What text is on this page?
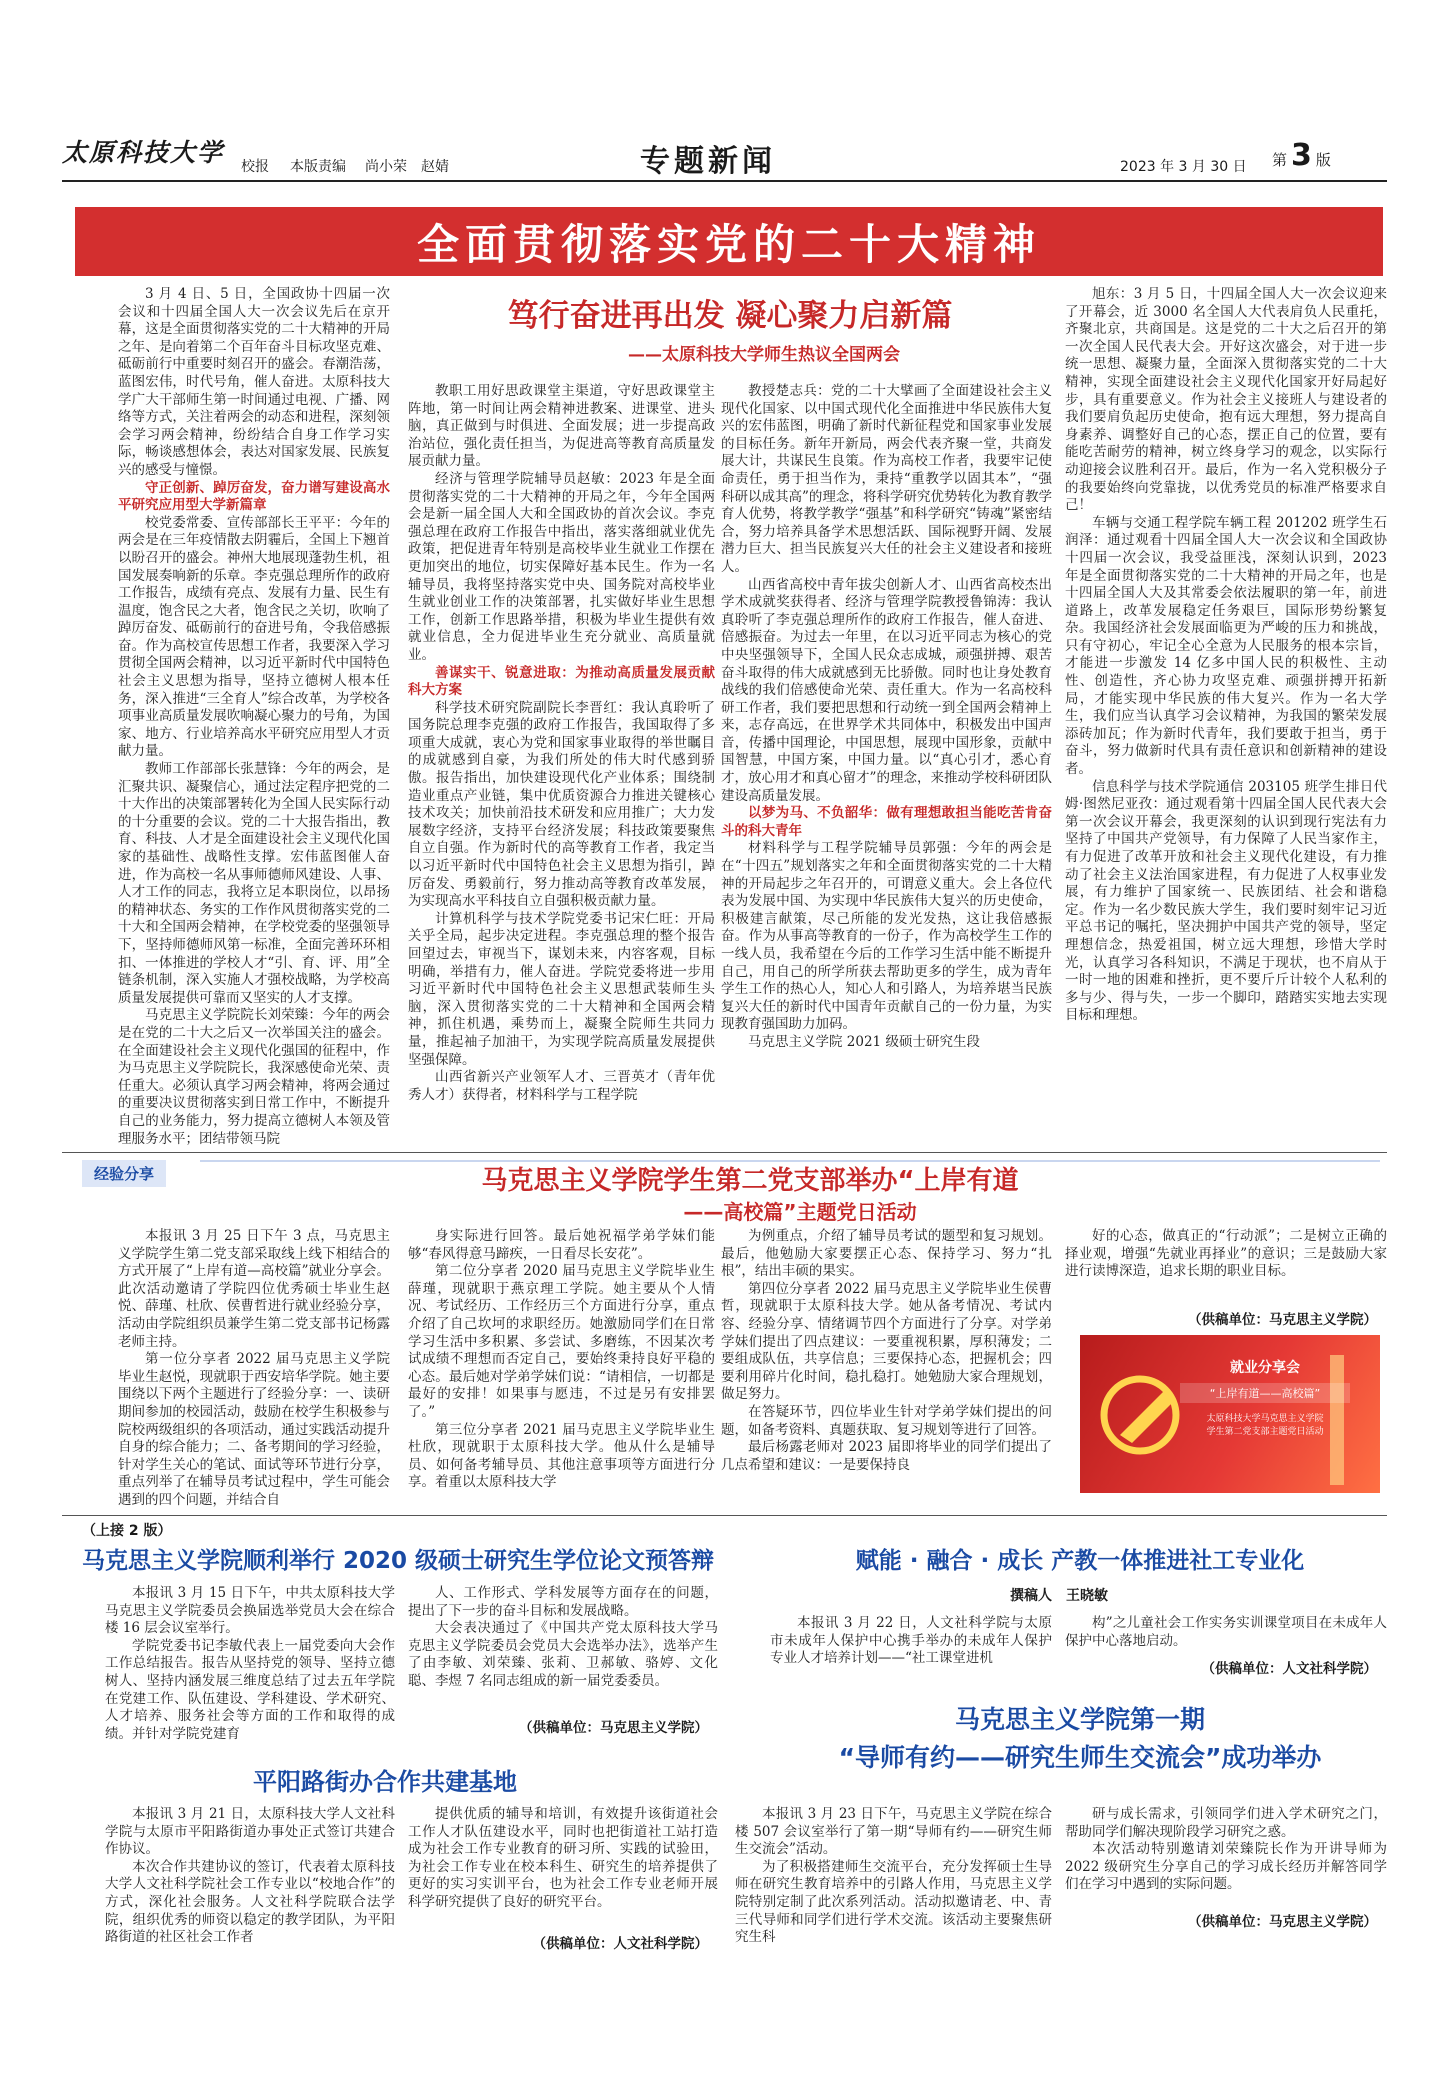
太原科技大学 校报 本版责编 尚小荣　赵婧	专题新闻	2023 年 3 月 30 日 第 3 版
全面贯彻落实党的二十大精神
笃行奋进再出发 凝心聚力启新篇
——太原科技大学师生热议全国两会

3 月 4 日、5 日，全国政协十四届一次会议和十四届全国人大一次会议先后在京开幕，这是全面贯彻落实党的二十大精神的开局之年、是向着第二个百年奋斗目标攻坚克难、砥砺前行中重要时刻召开的盛会。春潮浩荡，蓝图宏伟，时代号角，催人奋进。太原科技大学广大干部师生第一时间通过电视、广播、网络等方式，关注着两会的动态和进程，深刻领会学习两会精神，纷纷结合自身工作学习实际，畅谈感想体会，表达对国家发展、民族复兴的感受与憧憬。

守正创新、踔厉奋发，奋力谱写建设高水平研究应用型大学新篇章

校党委常委、宣传部部长王平平：今年的两会是在三年疫情散去阴霾后，全国上下翘首以盼召开的盛会。神州大地展现蓬勃生机，祖国发展奏响新的乐章。李克强总理所作的政府工作报告，成绩有亮点、发展有力量、民生有温度，饱含民之大者，饱含民之关切，吹响了踔厉奋发、砥砺前行的奋进号角，令我倍感振奋。作为高校宣传思想工作者，我要深入学习贯彻全国两会精神，以习近平新时代中国特色社会主义思想为指导，坚持立德树人根本任务，深入推进“三全育人”综合改革，为学校各项事业高质量发展吹响凝心聚力的号角，为国家、地方、行业培养高水平研究应用型人才贡献力量。

教师工作部部长张慧锋：今年的两会，是汇聚共识、凝聚信心，通过法定程序把党的二十大作出的决策部署转化为全国人民实际行动的十分重要的会议。党的二十大报告指出，教育、科技、人才是全面建设社会主义现代化国家的基础性、战略性支撑。宏伟蓝图催人奋进，作为高校一名从事师德师风建设、人事、人才工作的同志，我将立足本职岗位，以昂扬的精神状态、务实的工作作风贯彻落实党的二十大和全国两会精神，在学校党委的坚强领导下，坚持师德师风第一标准，全面完善环环相扣、一体推进的学校人才“引、育、评、用”全链条机制，深入实施人才强校战略，为学校高质量发展提供可靠而又坚实的人才支撑。

马克思主义学院院长刘荣臻：今年的两会是在党的二十大之后又一次举国关注的盛会。在全面建设社会主义现代化强国的征程中，作为马克思主义学院院长，我深感使命光荣、责任重大。必须认真学习两会精神，将两会通过的重要决议贯彻落实到日常工作中，不断提升自己的业务能力，努力提高立德树人本领及管理服务水平；团结带领马院

教职工用好思政课堂主渠道，守好思政课堂主阵地，第一时间让两会精神进教案、进课堂、进头脑，真正做到与时俱进、全面发展；进一步提高政治站位，强化责任担当，为促进高等教育高质量发展贡献力量。

经济与管理学院辅导员赵敏：2023 年是全面贯彻落实党的二十大精神的开局之年，今年全国两会是新一届全国人大和全国政协的首次会议。李克强总理在政府工作报告中指出，落实落细就业优先政策，把促进青年特别是高校毕业生就业工作摆在更加突出的地位，切实保障好基本民生。作为一名辅导员，我将坚持落实党中央、国务院对高校毕业生就业创业工作的决策部署，扎实做好毕业生思想工作，创新工作思路举措，积极为毕业生提供有效就业信息，全力促进毕业生充分就业、高质量就业。

善谋实干、锐意进取：为推动高质量发展贡献科大方案

科学技术研究院副院长李晋红：我认真聆听了国务院总理李克强的政府工作报告，我国取得了多项重大成就，衷心为党和国家事业取得的举世瞩目的成就感到自豪，为我们所处的伟大时代感到骄傲。报告指出，加快建设现代化产业体系；围绕制造业重点产业链，集中优质资源合力推进关键核心技术攻关；加快前沿技术研发和应用推广；大力发展数字经济，支持平台经济发展；科技政策要聚焦自立自强。作为新时代的高等教育工作者，我定当以习近平新时代中国特色社会主义思想为指引，踔厉奋发、勇毅前行，努力推动高等教育改革发展，为实现高水平科技自立自强积极贡献力量。

计算机科学与技术学院党委书记宋仁旺：开局关乎全局，起步决定进程。李克强总理的整个报告回望过去，审视当下，谋划未来，内容客观，目标明确，举措有力，催人奋进。学院党委将进一步用习近平新时代中国特色社会主义思想武装师生头脑，深入贯彻落实党的二十大精神和全国两会精神，抓住机遇，乘势而上，凝聚全院师生共同力量，推起袖子加油干，为实现学院高质量发展提供坚强保障。

山西省新兴产业领军人才、三晋英才（青年优秀人才）获得者，材料科学与工程学院

教授楚志兵：党的二十大擘画了全面建设社会主义现代化国家、以中国式现代化全面推进中华民族伟大复兴的宏伟蓝图，明确了新时代新征程党和国家事业发展的目标任务。新年开新局，两会代表齐聚一堂，共商发展大计，共谋民生良策。作为高校工作者，我要牢记使命责任，勇于担当作为，秉持“重教学以固其本”，“强科研以成其高”的理念，将科学研究优势转化为教育教学育人优势，将教学教学“强基”和科学研究“铸魂”紧密结合，努力培养具备学术思想活跃、国际视野开阔、发展潜力巨大、担当民族复兴大任的社会主义建设者和接班人。

山西省高校中青年拔尖创新人才、山西省高校杰出学术成就奖获得者、经济与管理学院教授鲁锦涛：我认真聆听了李克强总理所作的政府工作报告，催人奋进、倍感振奋。为过去一年里，在以习近平同志为核心的党中央坚强领导下，全国人民众志成城，顽强拼搏、艰苦奋斗取得的伟大成就感到无比骄傲。同时也让身处教育战线的我们倍感使命光荣、责任重大。作为一名高校科研工作者，我们要把思想和行动统一到全国两会精神上来，志存高远，在世界学术共同体中，积极发出中国声音，传播中国理论，中国思想，展现中国形象，贡献中国智慧，中国方案，中国力量。以“真心引才，悉心育才，放心用才和真心留才”的理念，来推动学校科研团队建设高质量发展。

以梦为马、不负韶华：做有理想敢担当能吃苦肯奋斗的科大青年

材料科学与工程学院辅导员郭强：今年的两会是在“十四五”规划落实之年和全面贯彻落实党的二十大精神的开局起步之年召开的，可谓意义重大。会上各位代表为发展中国、为实现中华民族伟大复兴的历史使命，积极建言献策，尽己所能的发光发热，这让我倍感振奋。作为从事高等教育的一份子，作为高校学生工作的一线人员，我希望在今后的工作学习生活中能不断提升自己，用自己的所学所获去帮助更多的学生，成为青年学生工作的热心人，知心人和引路人，为培养堪当民族复兴大任的新时代中国青年贡献自己的一份力量，为实现教育强国助力加码。

马克思主义学院 2021 级硕士研究生段

旭东：3 月 5 日，十四届全国人大一次会议迎来了开幕会，近 3000 名全国人大代表肩负人民重托，齐聚北京，共商国是。这是党的二十大之后召开的第一次全国人民代表大会。开好这次盛会，对于进一步统一思想、凝聚力量，全面深入贯彻落实党的二十大精神，实现全面建设社会主义现代化国家开好局起好步，具有重要意义。作为社会主义接班人与建设者的我们要肩负起历史使命，抱有远大理想，努力提高自身素养、调整好自己的心态，摆正自己的位置，要有能吃苦耐劳的精神，树立终身学习的观念，以实际行动迎接会议胜利召开。最后，作为一名入党积极分子的我要始终向党靠拢，以优秀党员的标准严格要求自己！

车辆与交通工程学院车辆工程 201202 班学生石润泽：通过观看十四届全国人大一次会议和全国政协十四届一次会议，我受益匪浅，深刻认识到，2023 年是全面贯彻落实党的二十大精神的开局之年，也是十四届全国人大及其常委会依法履职的第一年，前进道路上，改革发展稳定任务艰巨，国际形势纷繁复杂。我国经济社会发展面临更为严峻的压力和挑战，只有守初心，牢记全心全意为人民服务的根本宗旨，才能进一步激发 14 亿多中国人民的积极性、主动性、创造性，齐心协力攻坚克难、顽强拼搏开拓新局，才能实现中华民族的伟大复兴。作为一名大学生，我们应当认真学习会议精神，为我国的繁荣发展添砖加瓦；作为新时代青年，我们要敢于担当，勇于奋斗，努力做新时代具有责任意识和创新精神的建设者。

信息科学与技术学院通信 203105 班学生排日代姆·图然尼亚孜：通过观看第十四届全国人民代表大会第一次会议开幕会，我更深刻的认识到现行宪法有力坚持了中国共产党领导，有力保障了人民当家作主，有力促进了改革开放和社会主义现代化建设，有力推动了社会主义法治国家进程，有力促进了人权事业发展，有力维护了国家统一、民族团结、社会和谐稳定。作为一名少数民族大学生，我们要时刻牢记习近平总书记的嘱托，坚决拥护中国共产党的领导，坚定理想信念，热爱祖国，树立远大理想，珍惜大学时光，认真学习各科知识，不满足于现状，也不肩从于一时一地的困难和挫折，更不要斤斤计较个人私利的多与少、得与失，一步一个脚印，踏踏实实地去实现目标和理想。

经验分享	马克思主义学院学生第二党支部举办“上岸有道
——高校篇”主题党日活动

本报讯 3 月 25 日下午 3 点，马克思主义学院学生第二党支部采取线上线下相结合的方式开展了“上岸有道—高校篇”就业分享会。此次活动邀请了学院四位优秀硕士毕业生赵悦、薛瑾、杜欣、侯曹哲进行就业经验分享，活动由学院组织员兼学生第二党支部书记杨露老师主持。

第一位分享者 2022 届马克思主义学院毕业生赵悦，现就职于西安培华学院。她主要围绕以下两个主题进行了经验分享：一、读研期间参加的校园活动，鼓励在校学生积极参与院校两级组织的各项活动，通过实践活动提升自身的综合能力；二、备考期间的学习经验，针对学生关心的笔试、面试等环节进行分享，重点列举了在辅导员考试过程中，学生可能会遇到的四个问题，并结合自

身实际进行回答。最后她祝福学弟学妹们能够“春风得意马蹄疾，一日看尽长安花”。

第二位分享者 2020 届马克思主义学院毕业生薛瑾，现就职于燕京理工学院。她主要从个人情况、考试经历、工作经历三个方面进行分享，重点介绍了自己坎坷的求职经历。她激励同学们在日常学习生活中多积累、多尝试、多磨练，不因某次考试成绩不理想而否定自己，要始终秉持良好平稳的心态。最后她对学弟学妹们说：“请相信，一切都是最好的安排！如果事与愿违，不过是另有安排罢了。”

第三位分享者 2021 届马克思主义学院毕业生杜欣，现就职于太原科技大学。他从什么是辅导员、如何备考辅导员、其他注意事项等方面进行分享。着重以太原科技大学

为例重点，介绍了辅导员考试的题型和复习规划。最后，他勉励大家要摆正心态、保持学习、努力“扎根”，结出丰硕的果实。

第四位分享者 2022 届马克思主义学院毕业生侯曹哲，现就职于太原科技大学。她从备考情况、考试内容、经验分享、情绪调节四个方面进行了分享。对学弟学妹们提出了四点建议：一要重视积累，厚积薄发；二要组成队伍，共享信息；三要保持心态，把握机会；四要利用碎片化时间，稳扎稳打。她勉励大家合理规划，做足努力。

在答疑环节，四位毕业生针对学弟学妹们提出的问题，如备考资料、真题获取、复习规划等进行了回答。

最后杨露老师对 2023 届即将毕业的同学们提出了几点希望和建议：一是要保持良

好的心态，做真正的“行动派”；二是树立正确的择业观，增强“先就业再择业”的意识；三是鼓励大家进行读博深造，追求长期的职业目标。

（供稿单位：马克思主义学院）
就业分享会
“上岸有道——高校篇”
太原科技大学马克思主义学院
学生第二党支部主题党日活动
（上接 2 版）
马克思主义学院顺利举行 2020 级硕士研究生学位论文预答辩

本报讯 3 月 15 日下午，中共太原科技大学马克思主义学院委员会换届选举党员大会在综合楼 16 层会议室举行。

学院党委书记李敏代表上一届党委向大会作工作总结报告。报告从坚持党的领导、坚持立德树人、坚持内涵发展三维度总结了过去五年学院在党建工作、队伍建设、学科建设、学术研究、人才培养、服务社会等方面的工作和取得的成绩。并针对学院党建育

人、工作形式、学科发展等方面存在的问题，提出了下一步的奋斗目标和发展战略。

大会表决通过了《中国共产党太原科技大学马克思主义学院委员会党员大会选举办法》，选举产生了由李敏、刘荣臻、张莉、卫郝敏、骆婷、文化聪、李煜 7 名同志组成的新一届党委委员。

（供稿单位：马克思主义学院）
赋能 · 融合 · 成长 产教一体推进社工专业化
撰稿人　王晓敏

本报讯 3 月 22 日，人文社科学院与太原市未成年人保护中心携手举办的未成年人保护专业人才培养计划——“社工课堂进机

构”之儿童社会工作实务实训课堂项目在未成年人保护中心落地启动。

（供稿单位：人文社科学院）
平阳路街办合作共建基地

本报讯 3 月 21 日，太原科技大学人文社科学院与太原市平阳路街道办事处正式签订共建合作协议。

本次合作共建协议的签订，代表着太原科技大学人文社科学院社会工作专业以“校地合作”的方式，深化社会服务。人文社科学院联合法学院，组织优秀的师资以稳定的教学团队，为平阳路街道的社区社会工作者

提供优质的辅导和培训，有效提升该街道社会工作人才队伍建设水平，同时也把街道社工站打造成为社会工作专业教育的研习所、实践的试验田，为社会工作专业在校本科生、研究生的培养提供了更好的实习实训平台，也为社会工作专业老师开展科学研究提供了良好的研究平台。

（供稿单位：人文社科学院）
马克思主义学院第一期
“导师有约——研究生师生交流会”成功举办

本报讯 3 月 23 日下午，马克思主义学院在综合楼 507 会议室举行了第一期“导师有约——研究生师生交流会”活动。

为了积极搭建师生交流平台，充分发挥硕士生导师在研究生教育培养中的引路人作用，马克思主义学院特别定制了此次系列活动。活动拟邀请老、中、青三代导师和同学们进行学术交流。该活动主要聚焦研究生科

研与成长需求，引领同学们进入学术研究之门，帮助同学们解决现阶段学习研究之惑。

本次活动特别邀请刘荣臻院长作为开讲导师为 2022 级研究生分享自己的学习成长经历并解答同学们在学习中遇到的实际问题。

（供稿单位：马克思主义学院）
